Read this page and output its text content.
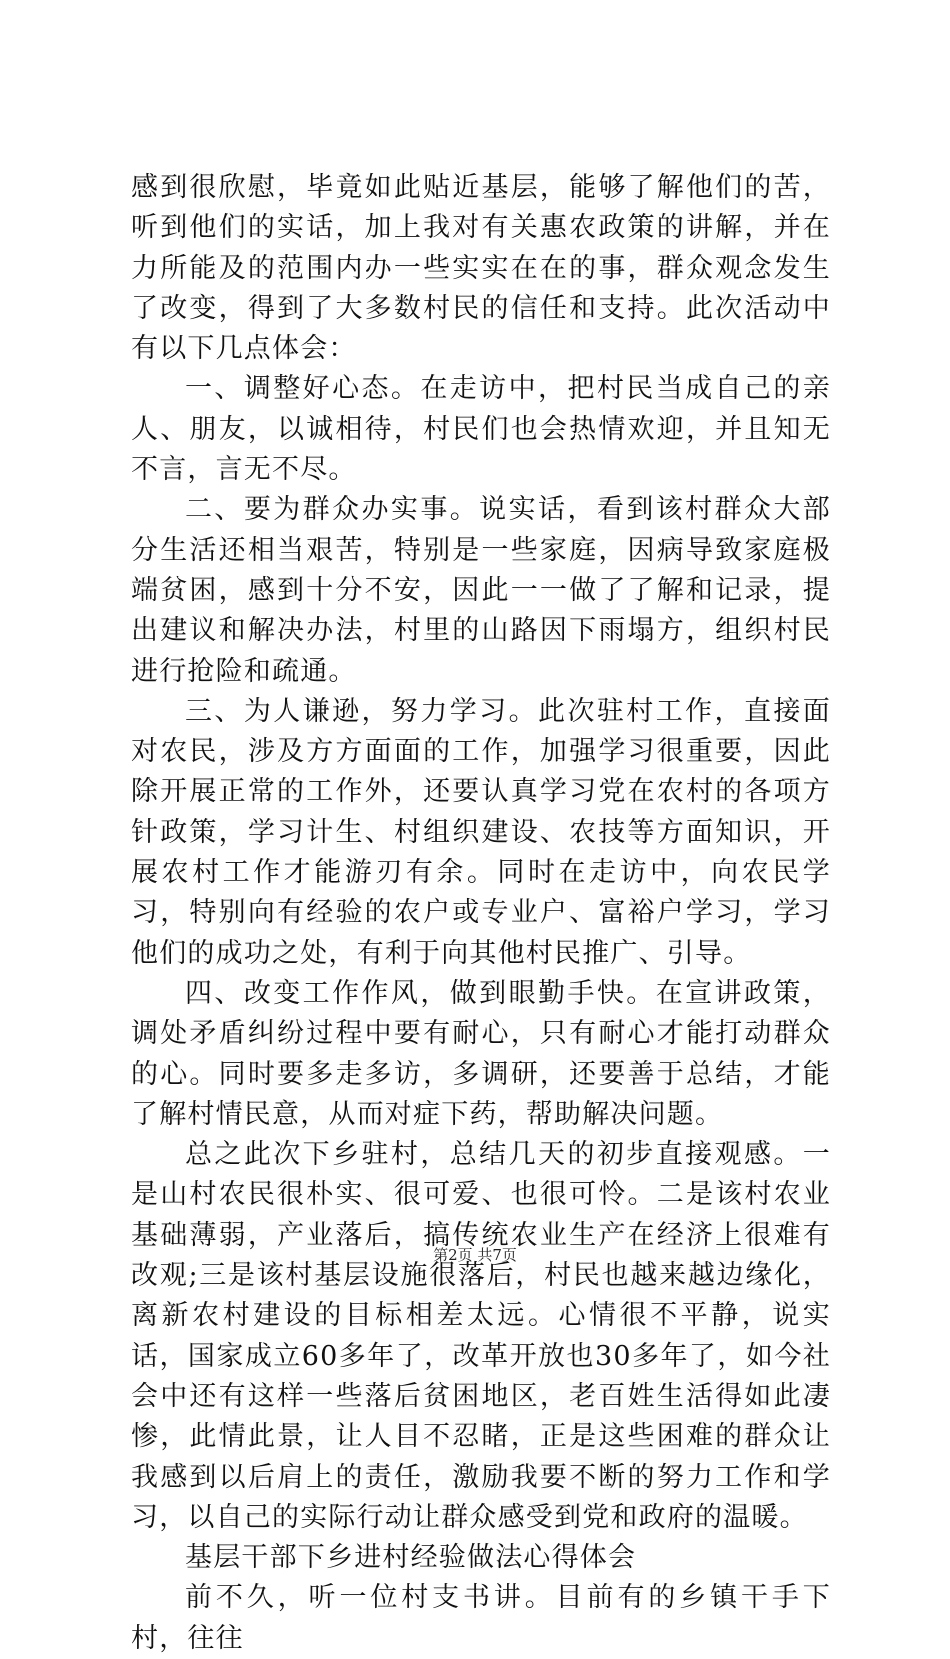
感到很欣慰，毕竟如此贴近基层，能够了解他们的苦，听到他们的实话，加上我对有关惠农政策的讲解，并在力所能及的范围内办一些实实在在的事，群众观念发生了改变，得到了大多数村民的信任和支持。此次活动中有以下几点体会：

一、调整好心态。在走访中，把村民当成自己的亲人、朋友，以诚相待，村民们也会热情欢迎，并且知无不言，言无不尽。

二、要为群众办实事。说实话，看到该村群众大部分生活还相当艰苦，特别是一些家庭，因病导致家庭极端贫困，感到十分不安，因此一一做了了解和记录，提出建议和解决办法，村里的山路因下雨塌方，组织村民进行抢险和疏通。

三、为人谦逊，努力学习。此次驻村工作，直接面对农民，涉及方方面面的工作，加强学习很重要，因此除开展正常的工作外，还要认真学习党在农村的各项方针政策，学习计生、村组织建设、农技等方面知识，开展农村工作才能游刃有余。同时在走访中，向农民学习，特别向有经验的农户或专业户、富裕户学习，学习他们的成功之处，有利于向其他村民推广、引导。

四、改变工作作风，做到眼勤手快。在宣讲政策，调处矛盾纠纷过程中要有耐心，只有耐心才能打动群众的心。同时要多走多访，多调研，还要善于总结，才能了解村情民意，从而对症下药，帮助解决问题。

总之此次下乡驻村，总结几天的初步直接观感。一是山村农民很朴实、很可爱、也很可怜。二是该村农业基础薄弱，产业落后，搞传统农业生产在经济上很难有改观;三是该村基层设施很落后，村民也越来越边缘化，离新农村建设的目标相差太远。心情很不平静，说实话，国家成立60多年了，改革开放也30多年了，如今社会中还有这样一些落后贫困地区，老百姓生活得如此凄惨，此情此景，让人目不忍睹，正是这些困难的群众让我感到以后肩上的责任，激励我要不断的努力工作和学习，以自己的实际行动让群众感受到党和政府的温暖。

基层干部下乡进村经验做法心得体会

前不久，听一位村支书讲。目前有的乡镇干手下村，往往

第2页 共7页
